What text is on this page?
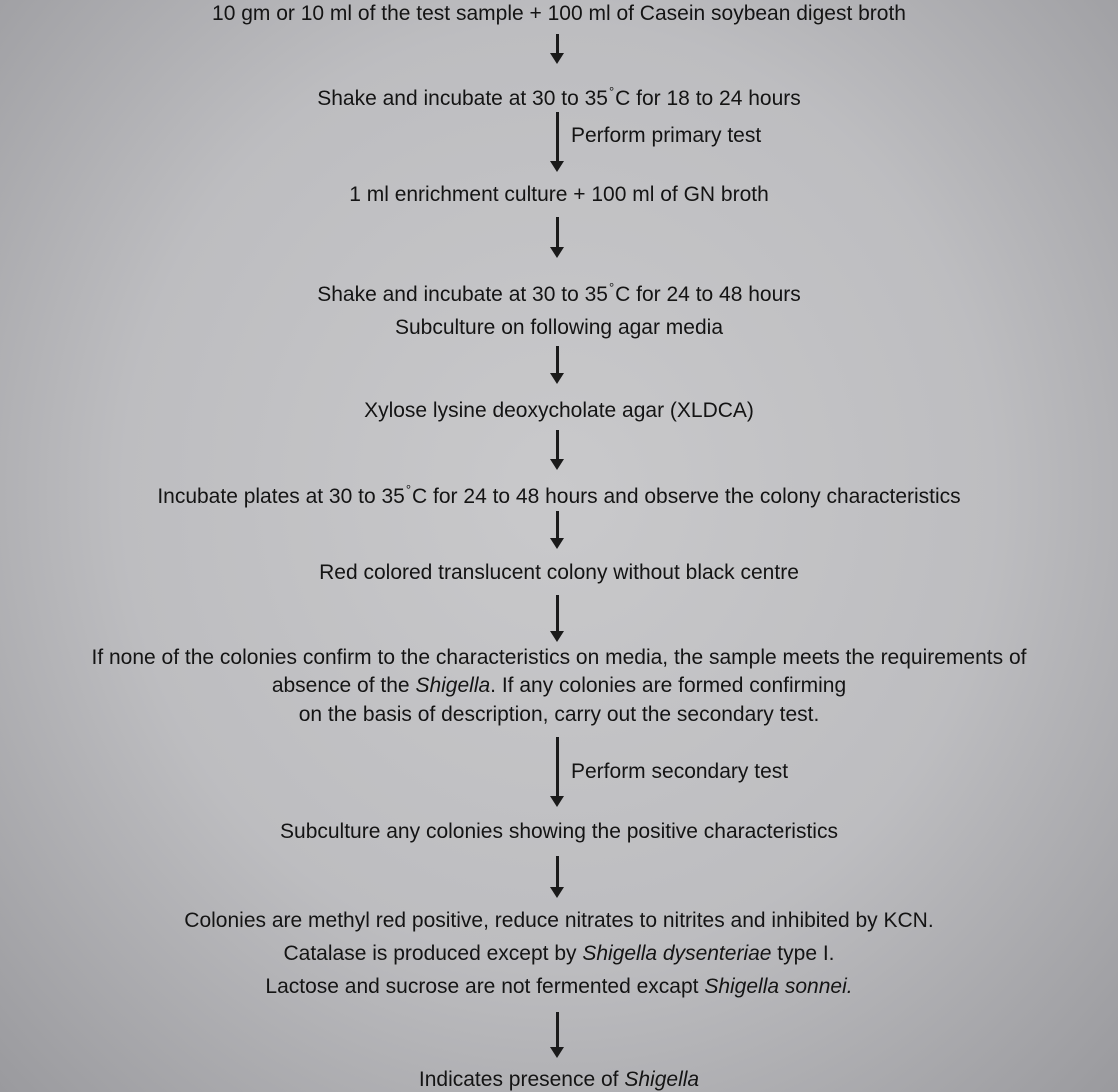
10 gm or 10 ml of the test sample + 100 ml of Casein soybean digest broth
Shake and incubate at 30 to 35°C for 18 to 24 hours
Perform primary test
1 ml enrichment culture + 100 ml of GN broth
Shake and incubate at 30 to 35°C for 24 to 48 hours
Subculture on following agar media
Xylose lysine deoxycholate agar (XLDCA)
Incubate plates at 30 to 35°C for 24 to 48 hours and observe the colony characteristics
Red colored translucent colony without black centre
If none of the colonies confirm to the characteristics on media, the sample meets the requirements of
absence of the Shigella. If any colonies are formed confirming
on the basis of description, carry out the secondary test.
Perform secondary test
Subculture any colonies showing the positive characteristics
Colonies are methyl red positive, reduce nitrates to nitrites and inhibited by KCN.
Catalase is produced except by Shigella dysenteriae type I.
Lactose and sucrose are not fermented excapt Shigella sonnei.
Indicates presence of Shigella
